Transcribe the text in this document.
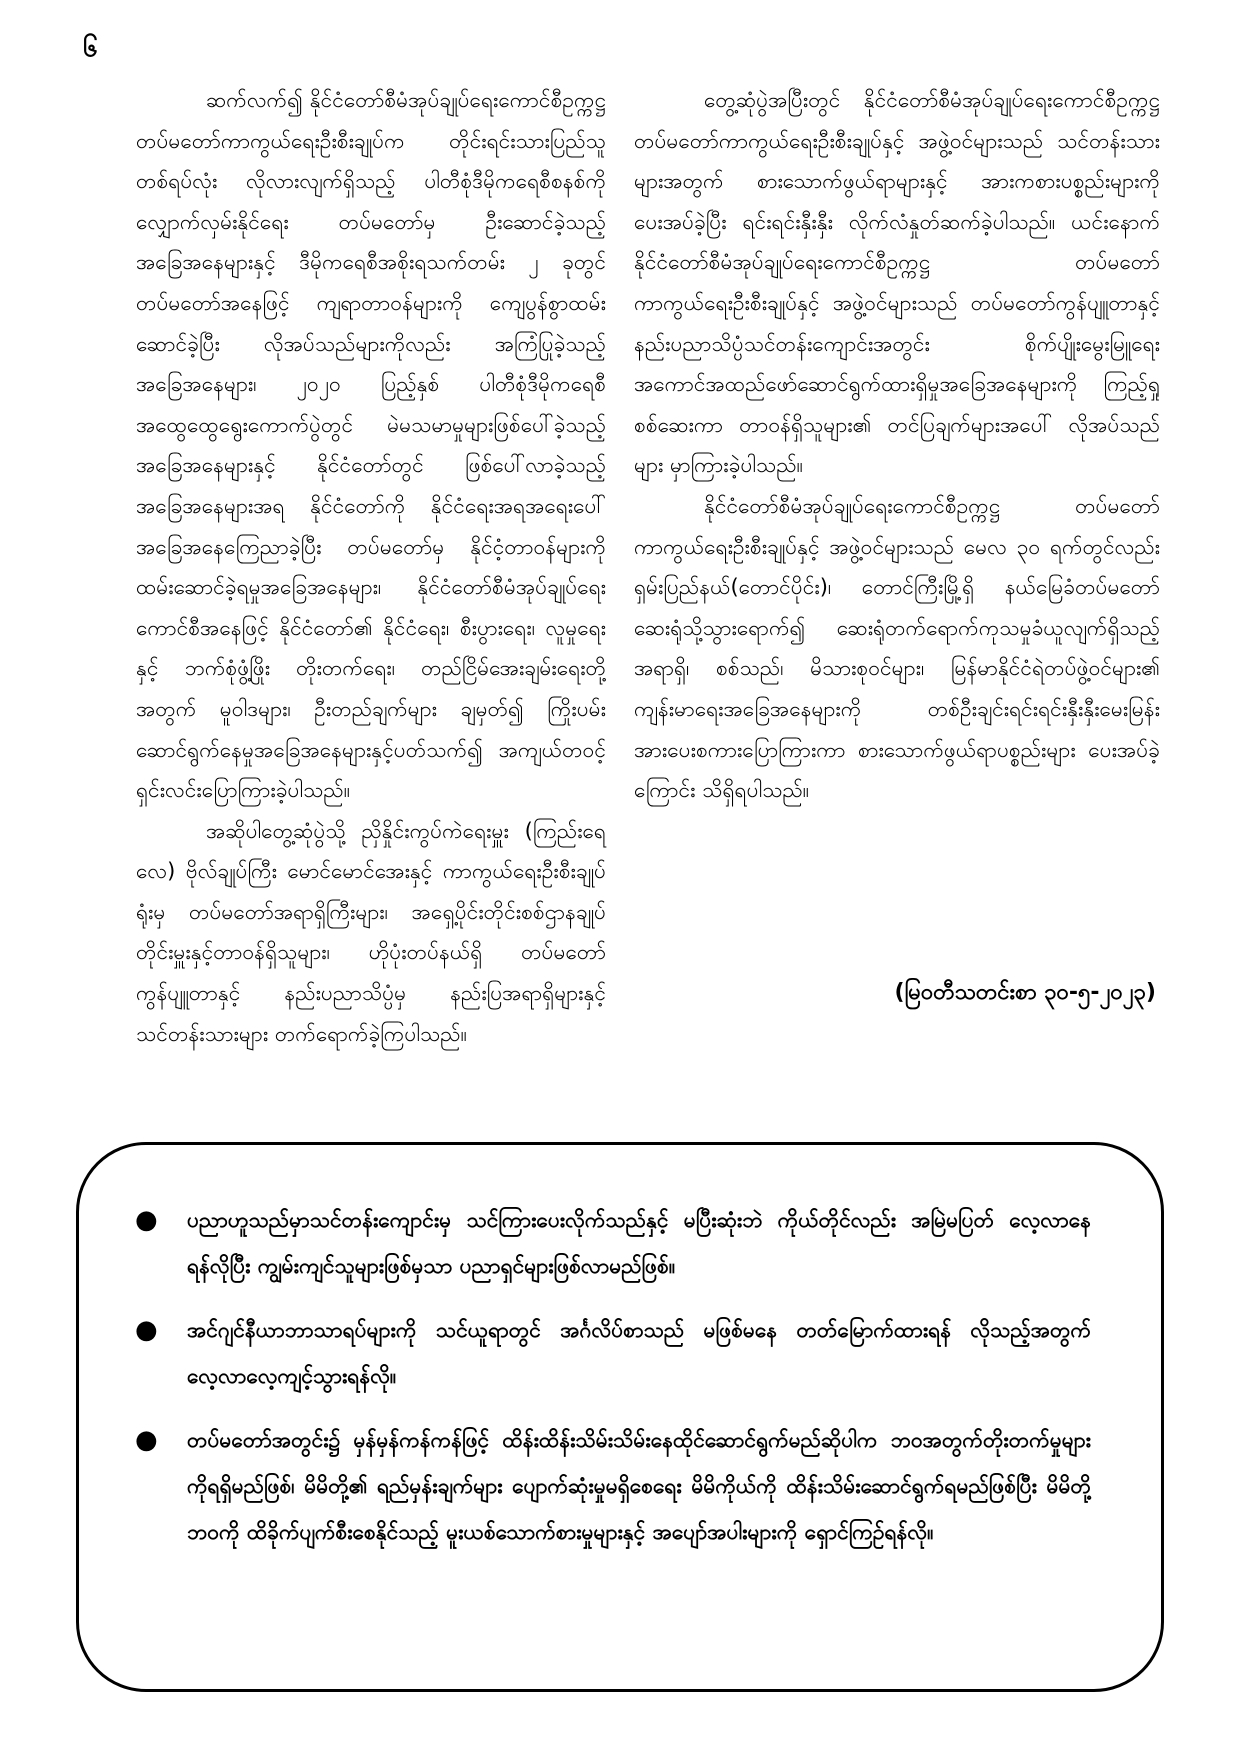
၆

ဆက်လက်၍ နိုင်ငံတော်စီမံအုပ်ချုပ်ရေးကောင်စီဥက္ကဋ္ဌ တပ်မတော်ကာကွယ်ရေးဦးစီးချုပ်က တိုင်းရင်းသားပြည်သူတစ်ရပ်လုံး လိုလားလျက်ရှိသည့် ပါတီစုံဒီမိုကရေစီစနစ်ကို လျှောက်လှမ်းနိုင်ရေး တပ်မတော်မှ ဦးဆောင်ခဲ့သည့် အခြေအနေများနှင့် ဒီမိုကရေစီအစိုးရသက်တမ်း ၂ ခုတွင် တပ်မတော်အနေဖြင့် ကျရာတာဝန်များကို ကျေပွန်စွာထမ်းဆောင်ခဲ့ပြီး လိုအပ်သည်များကိုလည်း အကြံပြုခဲ့သည့် အခြေအနေများ၊ ၂၀၂၀ ပြည့်နှစ် ပါတီစုံဒီမိုကရေစီ အထွေထွေရွေးကောက်ပွဲတွင် မဲမသမာမှုများဖြစ်ပေါ်ခဲ့သည့် အခြေအနေများနှင့် နိုင်ငံတော်တွင် ဖြစ်ပေါ်လာခဲ့သည့် အခြေအနေများအရ နိုင်ငံတော်ကို နိုင်ငံရေးအရအရေးပေါ် အခြေအနေကြေညာခဲ့ပြီး တပ်မတော်မှ နိုင်ငံ့တာဝန်များကို ထမ်းဆောင်ခဲ့ရမှုအခြေအနေများ၊ နိုင်ငံတော်စီမံအုပ်ချုပ်ရေးကောင်စီအနေဖြင့် နိုင်ငံတော်၏ နိုင်ငံရေး၊ စီးပွားရေး၊ လူမှုရေးနှင့် ဘက်စုံဖွံ့ဖြိုး တိုးတက်ရေး၊ တည်ငြိမ်အေးချမ်းရေးတို့အတွက် မူဝါဒများ၊ ဦးတည်ချက်များ ချမှတ်၍ ကြိုးပမ်းဆောင်ရွက်နေမှုအခြေအနေများနှင့်ပတ်သက်၍ အကျယ်တဝင့် ရှင်းလင်းပြောကြားခဲ့ပါသည်။

အဆိုပါတွေ့ဆုံပွဲသို့ ညှိနှိုင်းကွပ်ကဲရေးမှူး (ကြည်းရေလေ) ဗိုလ်ချုပ်ကြီး မောင်မောင်အေးနှင့် ကာကွယ်ရေးဦးစီးချုပ်ရုံးမှ တပ်မတော်အရာရှိကြီးများ၊ အရှေ့ပိုင်းတိုင်းစစ်ဌာနချုပ် တိုင်းမှူးနှင့်တာဝန်ရှိသူများ၊ ဟိုပုံးတပ်နယ်ရှိ တပ်မတော်ကွန်ပျူတာနှင့် နည်းပညာသိပ္ပံမှ နည်းပြအရာရှိများနှင့် သင်တန်းသားများ တက်ရောက်ခဲ့ကြပါသည်။

တွေ့ဆုံပွဲအပြီးတွင် နိုင်ငံတော်စီမံအုပ်ချုပ်ရေးကောင်စီဥက္ကဋ္ဌ တပ်မတော်ကာကွယ်ရေးဦးစီးချုပ်နှင့် အဖွဲ့ဝင်များသည် သင်တန်းသားများအတွက် စားသောက်ဖွယ်ရာများနှင့် အားကစားပစ္စည်းများကိုပေးအပ်ခဲ့ပြီး ရင်းရင်းနှီးနှီး လိုက်လံနှုတ်ဆက်ခဲ့ပါသည်။ ယင်းနောက် နိုင်ငံတော်စီမံအုပ်ချုပ်ရေးကောင်စီဥက္ကဋ္ဌ တပ်မတော်ကာကွယ်ရေးဦးစီးချုပ်နှင့် အဖွဲ့ဝင်များသည် တပ်မတော်ကွန်ပျူတာနှင့် နည်းပညာသိပ္ပံသင်တန်းကျောင်းအတွင်း စိုက်ပျိုးမွေးမြူရေး အကောင်အထည်ဖော်ဆောင်ရွက်ထားရှိမှုအခြေအနေများကို ကြည့်ရှုစစ်ဆေးကာ တာဝန်ရှိသူများ၏ တင်ပြချက်များအပေါ် လိုအပ်သည်များ မှာကြားခဲ့ပါသည်။

နိုင်ငံတော်စီမံအုပ်ချုပ်ရေးကောင်စီဥက္ကဋ္ဌ တပ်မတော်ကာကွယ်ရေးဦးစီးချုပ်နှင့် အဖွဲ့ဝင်များသည် မေလ ၃၀ ရက်တွင်လည်း ရှမ်းပြည်နယ်(တောင်ပိုင်း)၊ တောင်ကြီးမြို့ရှိ နယ်မြေခံတပ်မတော်ဆေးရုံသို့သွားရောက်၍ ဆေးရုံတက်ရောက်ကုသမှုခံယူလျက်ရှိသည့် အရာရှိ၊ စစ်သည်၊ မိသားစုဝင်များ၊ မြန်မာနိုင်ငံရဲတပ်ဖွဲ့ဝင်များ၏ ကျန်းမာရေးအခြေအနေများကို တစ်ဦးချင်းရင်းရင်းနှီးနှီးမေးမြန်း အားပေးစကားပြောကြားကာ စားသောက်ဖွယ်ရာပစ္စည်းများ ပေးအပ်ခဲ့ကြောင်း သိရှိရပါသည်။

(မြဝတီသတင်းစာ ၃၀-၅-၂၀၂၃)
● ပညာဟူသည်မှာသင်တန်းကျောင်းမှ သင်ကြားပေးလိုက်သည်နှင့် မပြီးဆုံးဘဲ ကိုယ်တိုင်လည်း အမြဲမပြတ် လေ့လာနေရန်လိုပြီး ကျွမ်းကျင်သူများဖြစ်မှသာ ပညာရှင်များဖြစ်လာမည်ဖြစ်။
● အင်ဂျင်နီယာဘာသာရပ်များကို သင်ယူရာတွင် အင်္ဂလိပ်စာသည် မဖြစ်မနေ တတ်မြောက်ထားရန် လိုသည့်အတွက် လေ့လာလေ့ကျင့်သွားရန်လို။
● တပ်မတော်အတွင်း၌ မှန်မှန်ကန်ကန်ဖြင့် ထိန်းထိန်းသိမ်းသိမ်းနေထိုင်ဆောင်ရွက်မည်ဆိုပါက ဘဝအတွက်တိုးတက်မှုများကိုရရှိမည်ဖြစ်၊ မိမိတို့၏ ရည်မှန်းချက်များ ပျောက်ဆုံးမှုမရှိစေရေး မိမိကိုယ်ကို ထိန်းသိမ်းဆောင်ရွက်ရမည်ဖြစ်ပြီး မိမိတို့ဘဝကို ထိခိုက်ပျက်စီးစေနိုင်သည့် မူးယစ်သောက်စားမှုများနှင့် အပျော်အပါးများကို ရှောင်ကြဉ်ရန်လို။
